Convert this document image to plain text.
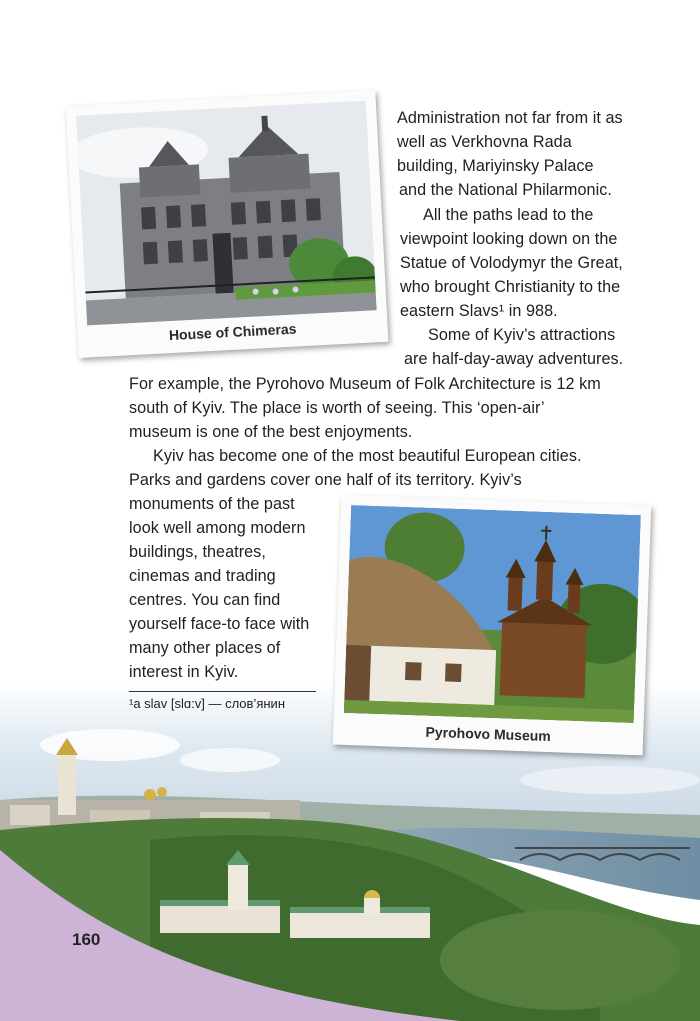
Administration not far from it as
well as Verkhovna Rada
building, Mariyinsky Palace
and the National Philarmonic.
All the paths lead to the
viewpoint looking down on the
Statue of Volodymyr the Great,
who brought Christianity to the
eastern Slavs¹ in 988.
Some of Kyiv’s attractions
are half-day-away adventures.
For example, the Pyrohovo Museum of Folk Architecture is 12 km
south of Kyiv. The place is worth of seeing. This ‘open-air’
museum is one of the best enjoyments.
Kyiv has become one of the most beautiful European cities.
Parks and gardens cover one half of its territory. Kyiv’s
monuments of the past
look well among modern
buildings, theatres,
cinemas and trading
centres. You can find
yourself face-to face with
many other places of
interest in Kyiv.
¹a slav [slɑ:v] — слов’янин
House of Chimeras
Pyrohovo Museum
160
